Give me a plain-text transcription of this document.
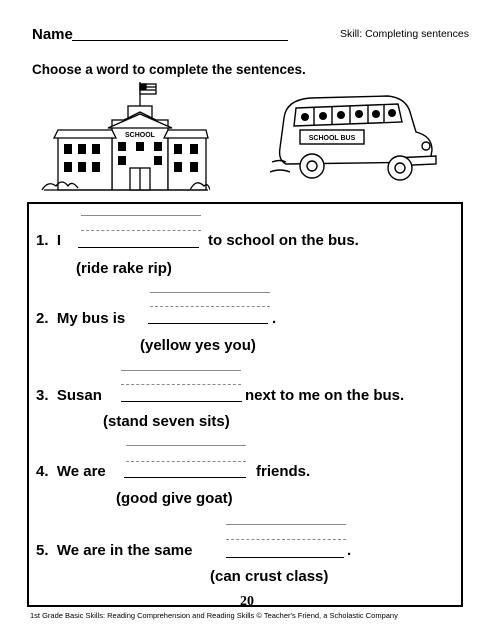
Name	Skill: Completing sentences
Choose a word to complete the sentences.
SCHOOL	SCHOOL BUS
1. I	to school on the bus.
(ride rake rip)
2. My bus is	.
(yellow yes you)
3. Susan	next to me on the bus.
(stand seven sits)
4. We are	friends.
(good give goat)
5. We are in the same	.
(can crust class)
20
1st Grade Basic Skills: Reading Comprehension and Reading Skills © Teacher's Friend, a Scholastic Company
